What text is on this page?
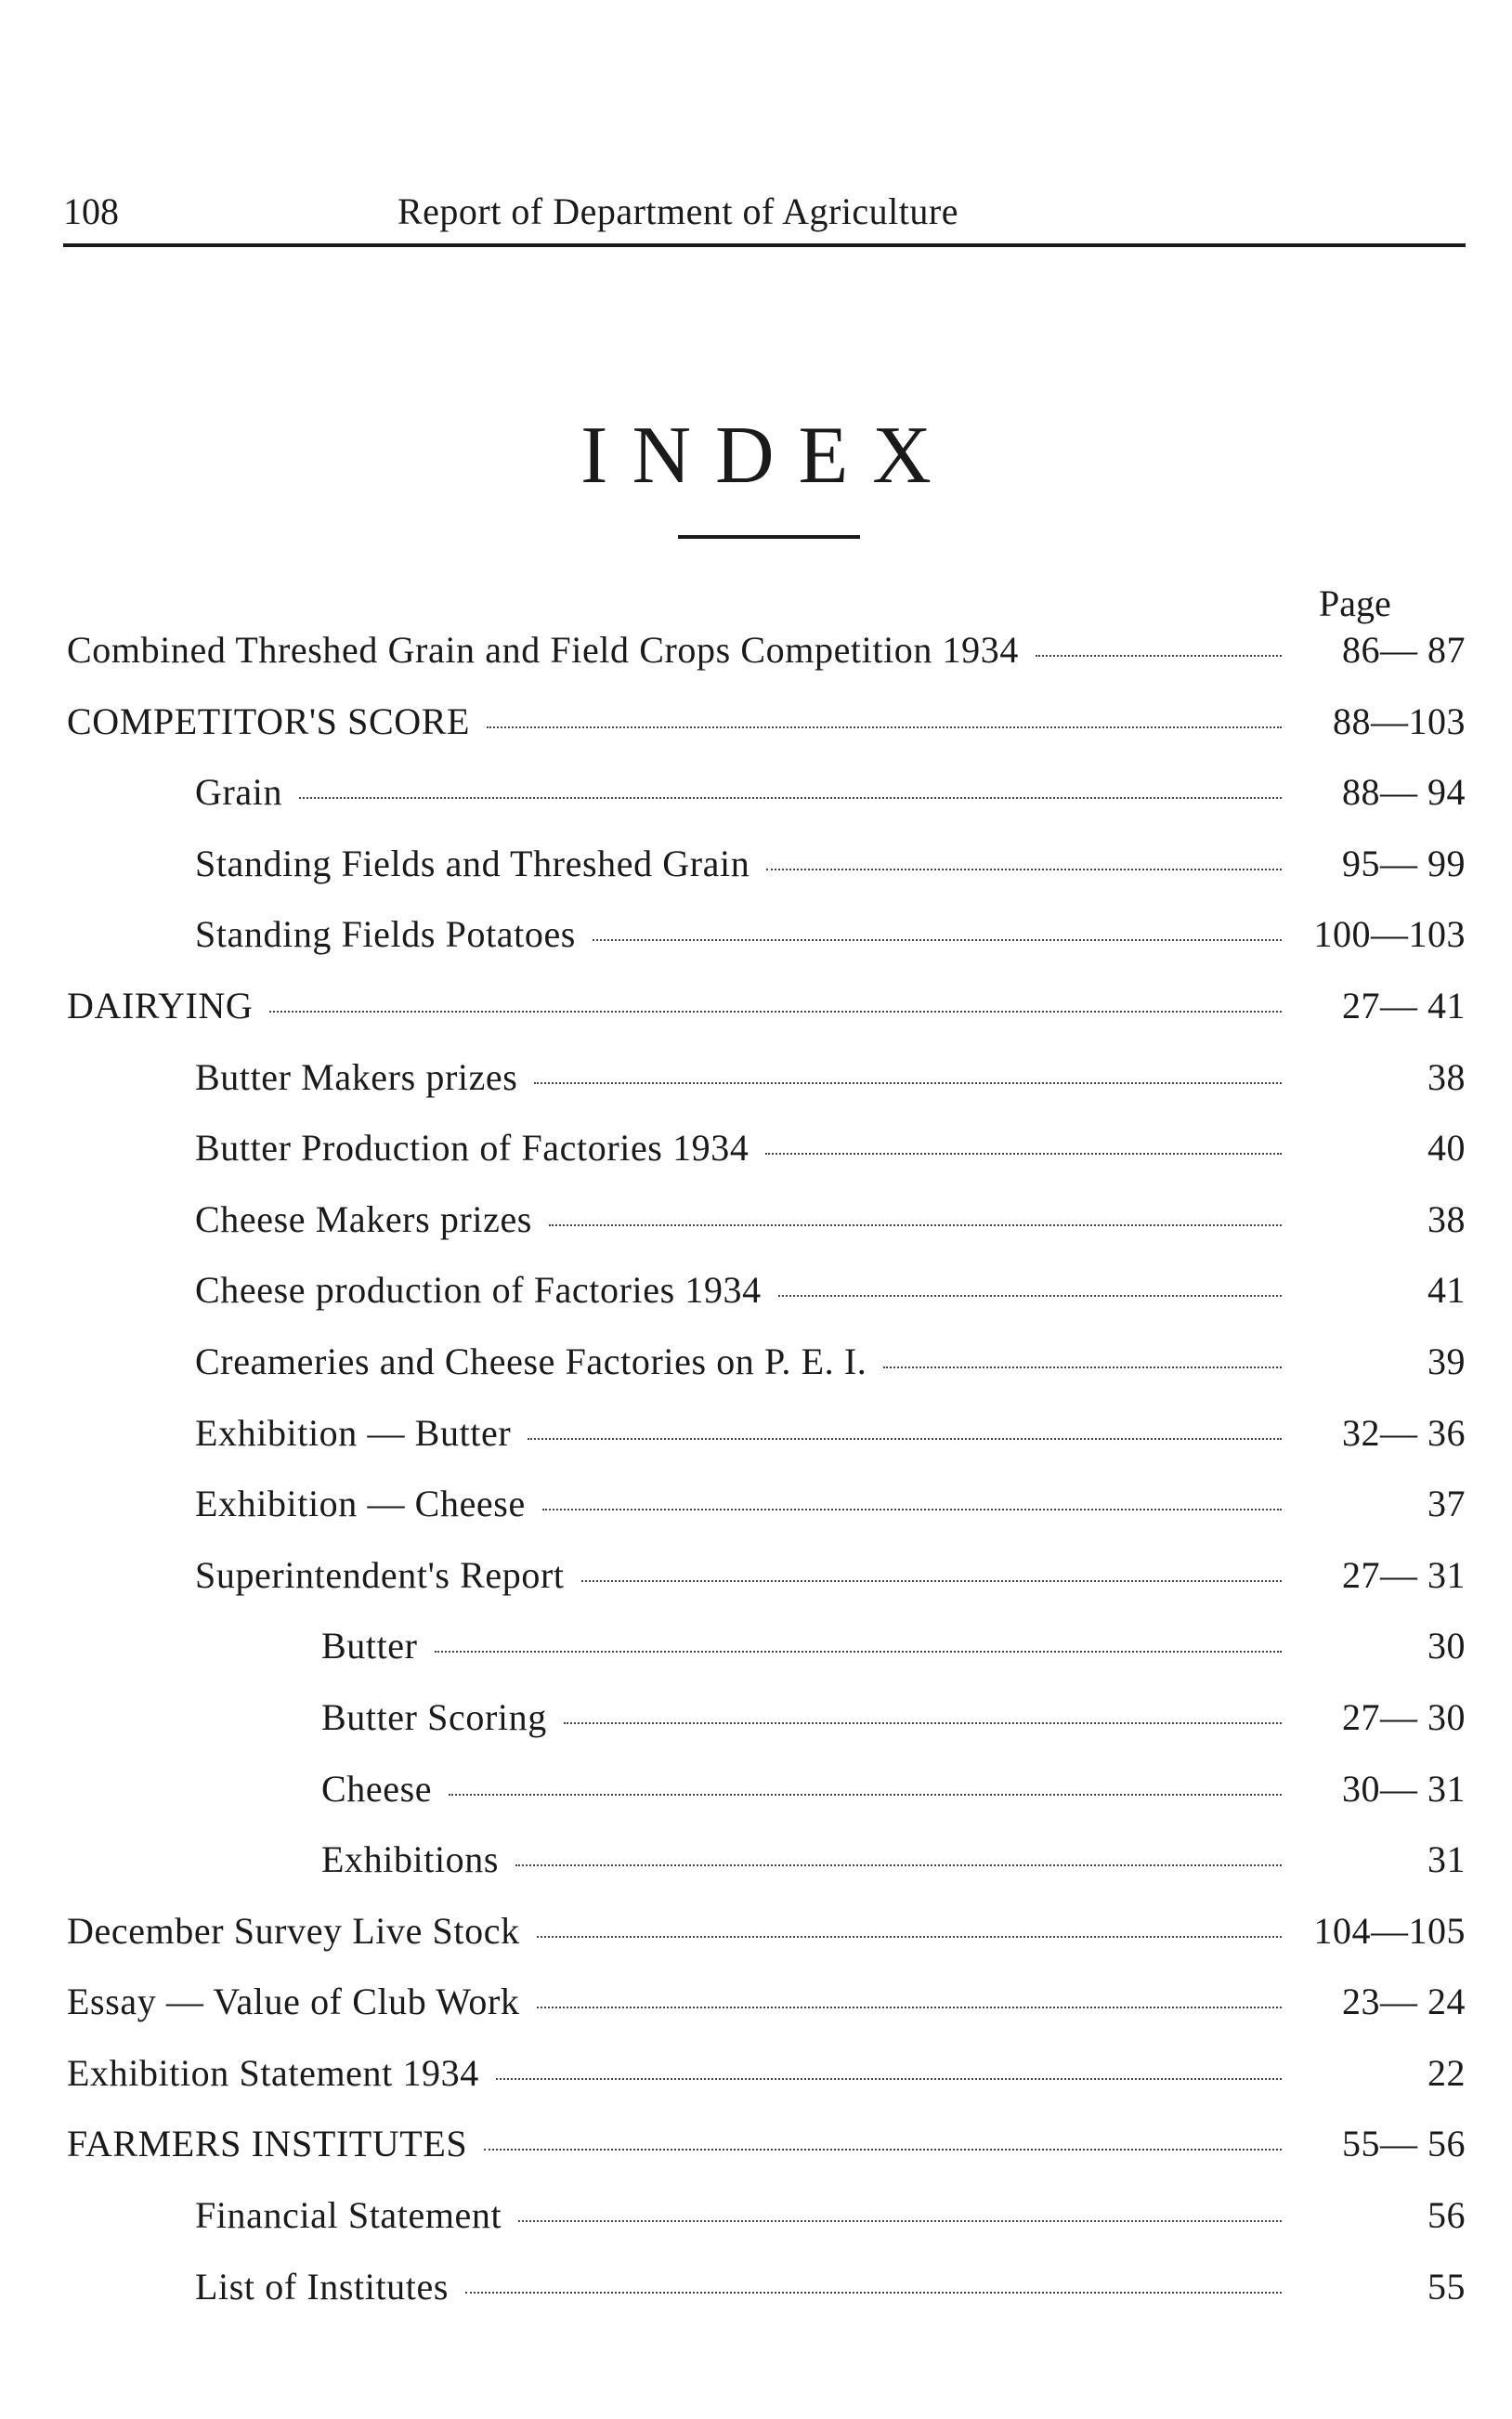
108	Report of Department of Agriculture
INDEX
Page
Combined Threshed Grain and Field Crops Competition 1934	86— 87
COMPETITOR'S SCORE	88—103
Grain	88— 94
Standing Fields and Threshed Grain	95— 99
Standing Fields Potatoes	100—103
DAIRYING	27— 41
Butter Makers prizes	38
Butter Production of Factories 1934	40
Cheese Makers prizes	38
Cheese production of Factories 1934	41
Creameries and Cheese Factories on P. E. I.	39
Exhibition — Butter	32— 36
Exhibition — Cheese	37
Superintendent's Report	27— 31
Butter	30
Butter Scoring	27— 30
Cheese	30— 31
Exhibitions	31
December Survey Live Stock	104—105
Essay — Value of Club Work	23— 24
Exhibition Statement 1934	22
FARMERS INSTITUTES	55— 56
Financial Statement	56
List of Institutes	55
